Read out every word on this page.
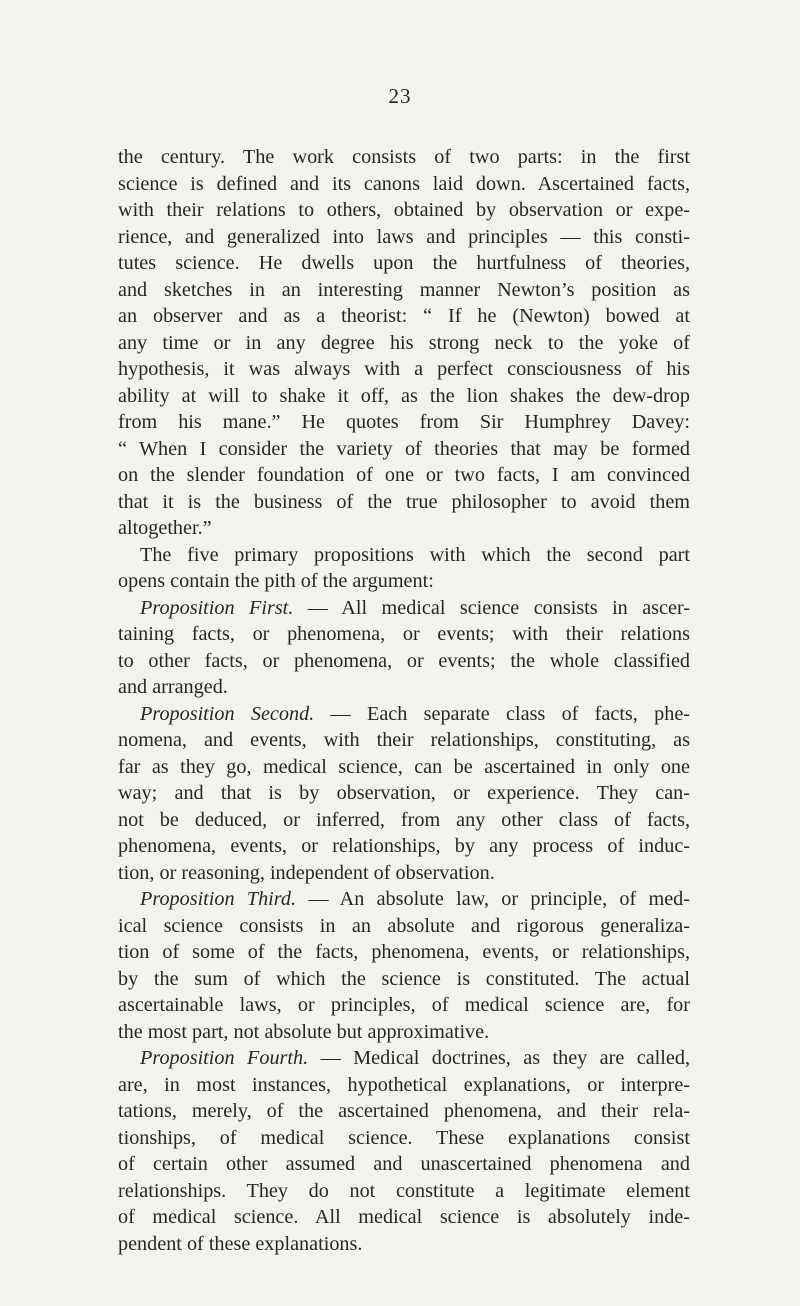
23
the century. The work consists of two parts: in the first
science is defined and its canons laid down. Ascertained facts,
with their relations to others, obtained by observation or expe-
rience, and generalized into laws and principles — this consti-
tutes science. He dwells upon the hurtfulness of theories,
and sketches in an interesting manner Newton’s position as
an observer and as a theorist: “ If he (Newton) bowed at
any time or in any degree his strong neck to the yoke of
hypothesis, it was always with a perfect consciousness of his
ability at will to shake it off, as the lion shakes the dew-drop
from his mane.” He quotes from Sir Humphrey Davey:
“ When I consider the variety of theories that may be formed
on the slender foundation of one or two facts, I am convinced
that it is the business of the true philosopher to avoid them
altogether.”
The five primary propositions with which the second part
opens contain the pith of the argument:
Proposition First. — All medical science consists in ascer-
taining facts, or phenomena, or events; with their relations
to other facts, or phenomena, or events; the whole classified
and arranged.
Proposition Second. — Each separate class of facts, phe-
nomena, and events, with their relationships, constituting, as
far as they go, medical science, can be ascertained in only one
way; and that is by observation, or experience. They can-
not be deduced, or inferred, from any other class of facts,
phenomena, events, or relationships, by any process of induc-
tion, or reasoning, independent of observation.
Proposition Third. — An absolute law, or principle, of med-
ical science consists in an absolute and rigorous generaliza-
tion of some of the facts, phenomena, events, or relationships,
by the sum of which the science is constituted. The actual
ascertainable laws, or principles, of medical science are, for
the most part, not absolute but approximative.
Proposition Fourth. — Medical doctrines, as they are called,
are, in most instances, hypothetical explanations, or interpre-
tations, merely, of the ascertained phenomena, and their rela-
tionships, of medical science. These explanations consist
of certain other assumed and unascertained phenomena and
relationships. They do not constitute a legitimate element
of medical science. All medical science is absolutely inde-
pendent of these explanations.
